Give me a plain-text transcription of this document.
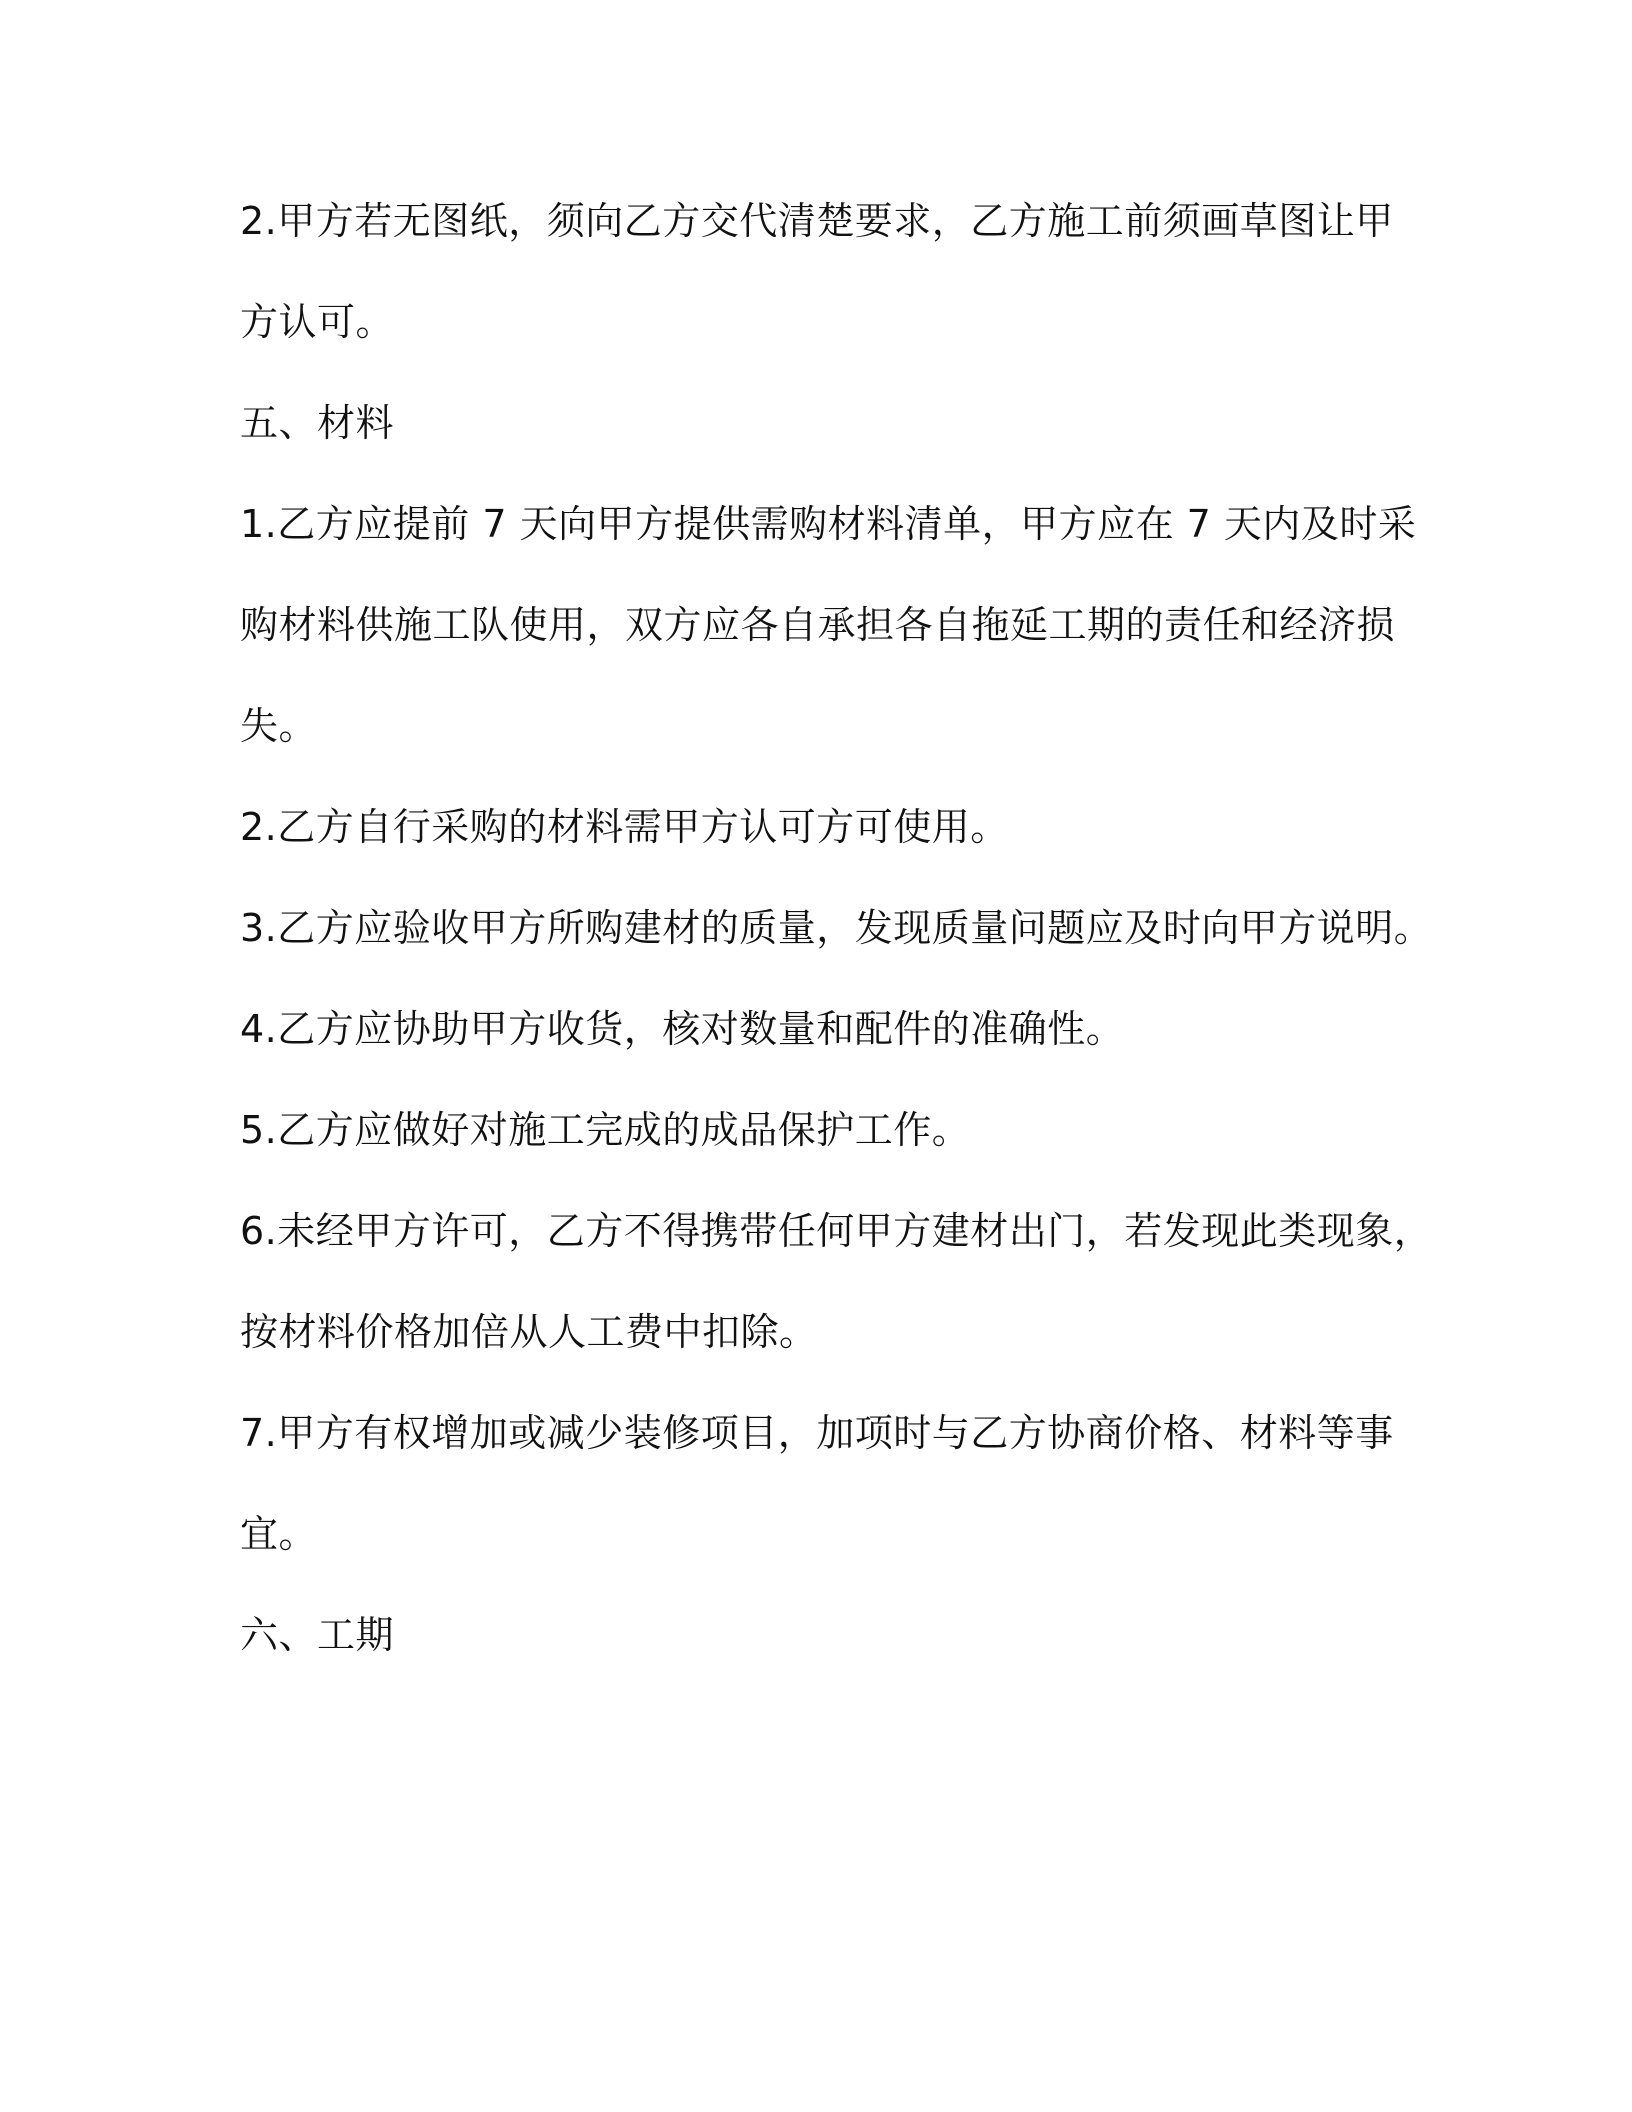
2.甲方若无图纸，须向乙方交代清楚要求，乙方施工前须画草图让甲
方认可。
五、材料
1.乙方应提前 7 天向甲方提供需购材料清单，甲方应在 7 天内及时采
购材料供施工队使用，双方应各自承担各自拖延工期的责任和经济损
失。
2.乙方自行采购的材料需甲方认可方可使用。
3.乙方应验收甲方所购建材的质量，发现质量问题应及时向甲方说明。
4.乙方应协助甲方收货，核对数量和配件的准确性。
5.乙方应做好对施工完成的成品保护工作。
6.未经甲方许可，乙方不得携带任何甲方建材出门，若发现此类现象，
按材料价格加倍从人工费中扣除。
7.甲方有权增加或减少装修项目，加项时与乙方协商价格、材料等事
宜。
六、工期
